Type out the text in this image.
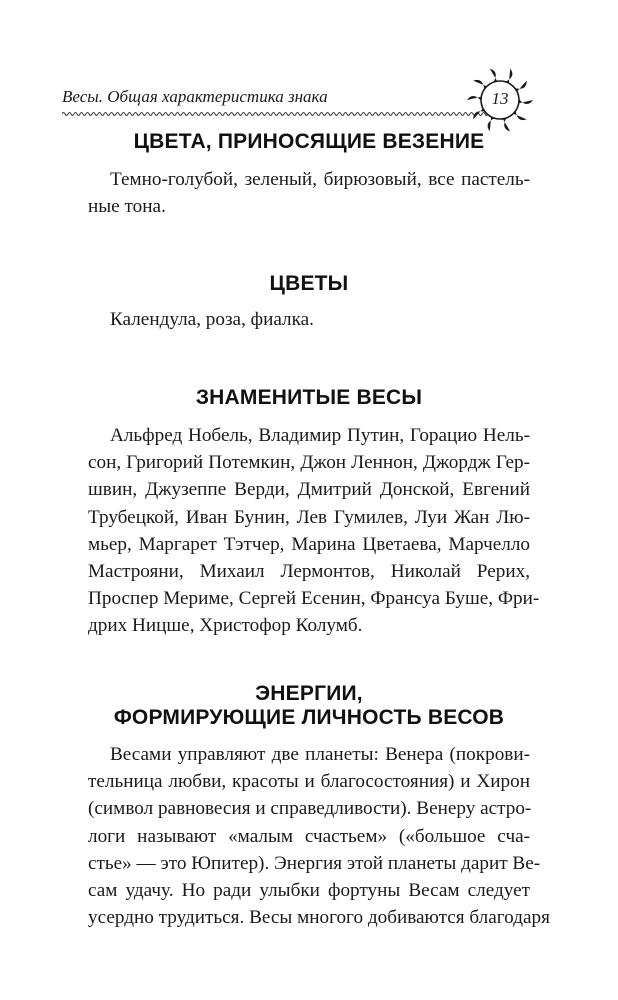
Весы. Общая характеристика знака	13
ЦВЕТА, ПРИНОСЯЩИЕ ВЕЗЕНИЕ
Темно-голубой, зеленый, бирюзовый, все пастель-
ные тона.
ЦВЕТЫ
Календула, роза, фиалка.
ЗНАМЕНИТЫЕ ВЕСЫ
Альфред Нобель, Владимир Путин, Горацио Нель-
сон, Григорий Потемкин, Джон Леннон, Джордж Гер-
швин, Джузеппе Верди, Дмитрий Донской, Евгений
Трубецкой, Иван Бунин, Лев Гумилев, Луи Жан Лю-
мьер, Маргарет Тэтчер, Марина Цветаева, Марчелло
Мастрояни, Михаил Лермонтов, Николай Рерих,
Проспер Мериме, Сергей Есенин, Франсуа Буше, Фри-
дрих Ницше, Христофор Колумб.
ЭНЕРГИИ,
ФОРМИРУЮЩИЕ ЛИЧНОСТЬ ВЕСОВ
Весами управляют две планеты: Венера (покрови-
тельница любви, красоты и благосостояния) и Хирон
(символ равновесия и справедливости). Венеру астро-
логи называют «малым счастьем» («большое сча-
стье» — это Юпитер). Энергия этой планеты дарит Ве-
сам удачу. Но ради улыбки фортуны Весам следует
усердно трудиться. Весы многого добиваются благодаря
